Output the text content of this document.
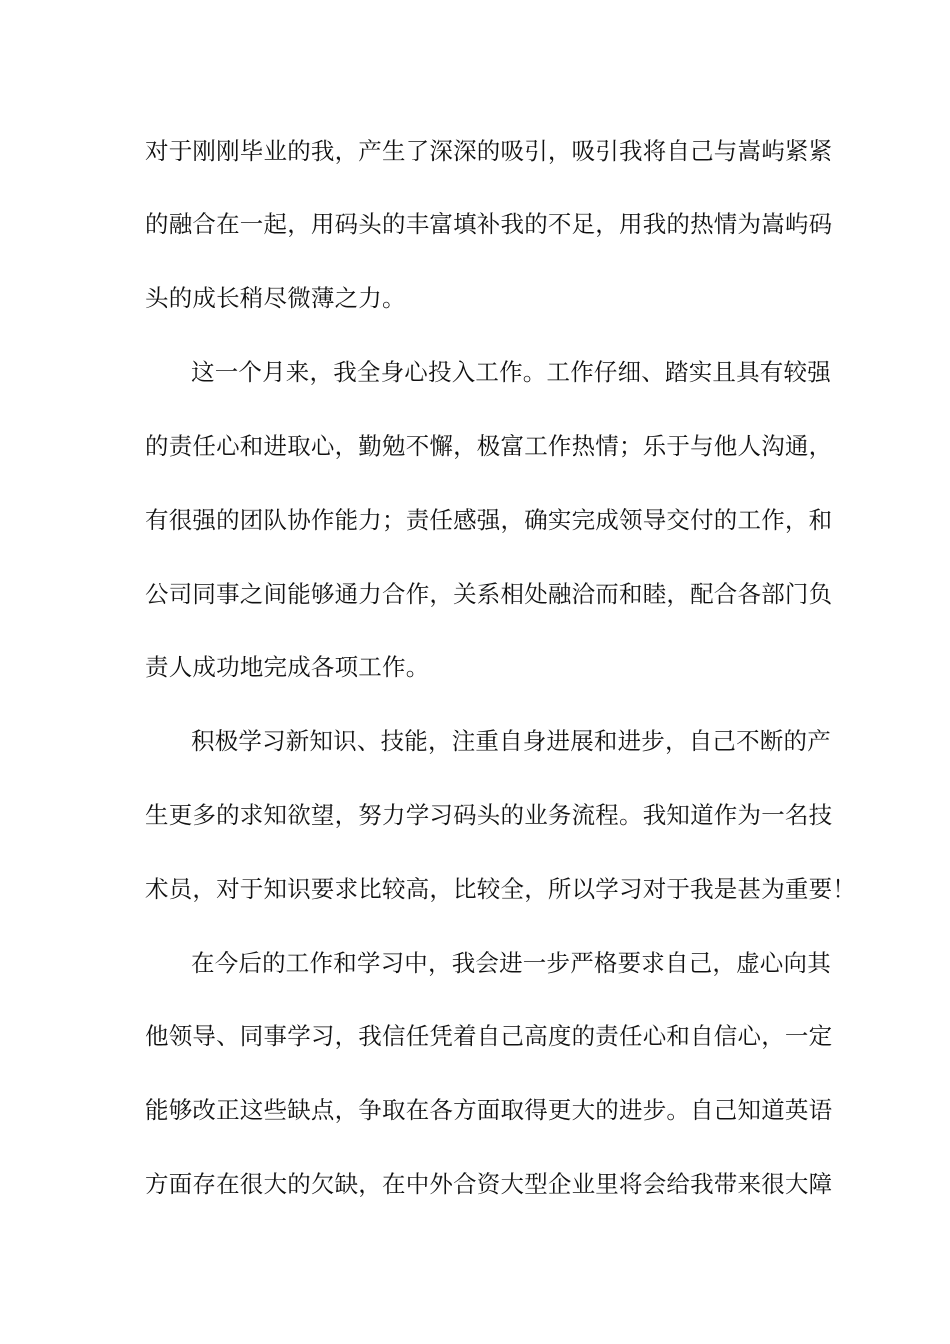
对于刚刚毕业的我，产生了深深的吸引，吸引我将自己与嵩屿紧紧
的融合在一起，用码头的丰富填补我的不足，用我的热情为嵩屿码
头的成长稍尽微薄之力。
这一个月来，我全身心投入工作。工作仔细、踏实且具有较强
的责任心和进取心，勤勉不懈，极富工作热情；乐于与他人沟通，
有很强的团队协作能力；责任感强，确实完成领导交付的工作，和
公司同事之间能够通力合作，关系相处融洽而和睦，配合各部门负
责人成功地完成各项工作。
积极学习新知识、技能，注重自身进展和进步，自己不断的产
生更多的求知欲望，努力学习码头的业务流程。我知道作为一名技
术员，对于知识要求比较高，比较全，所以学习对于我是甚为重要！
在今后的工作和学习中，我会进一步严格要求自己，虚心向其
他领导、同事学习，我信任凭着自己高度的责任心和自信心，一定
能够改正这些缺点，争取在各方面取得更大的进步。自己知道英语
方面存在很大的欠缺，在中外合资大型企业里将会给我带来很大障
